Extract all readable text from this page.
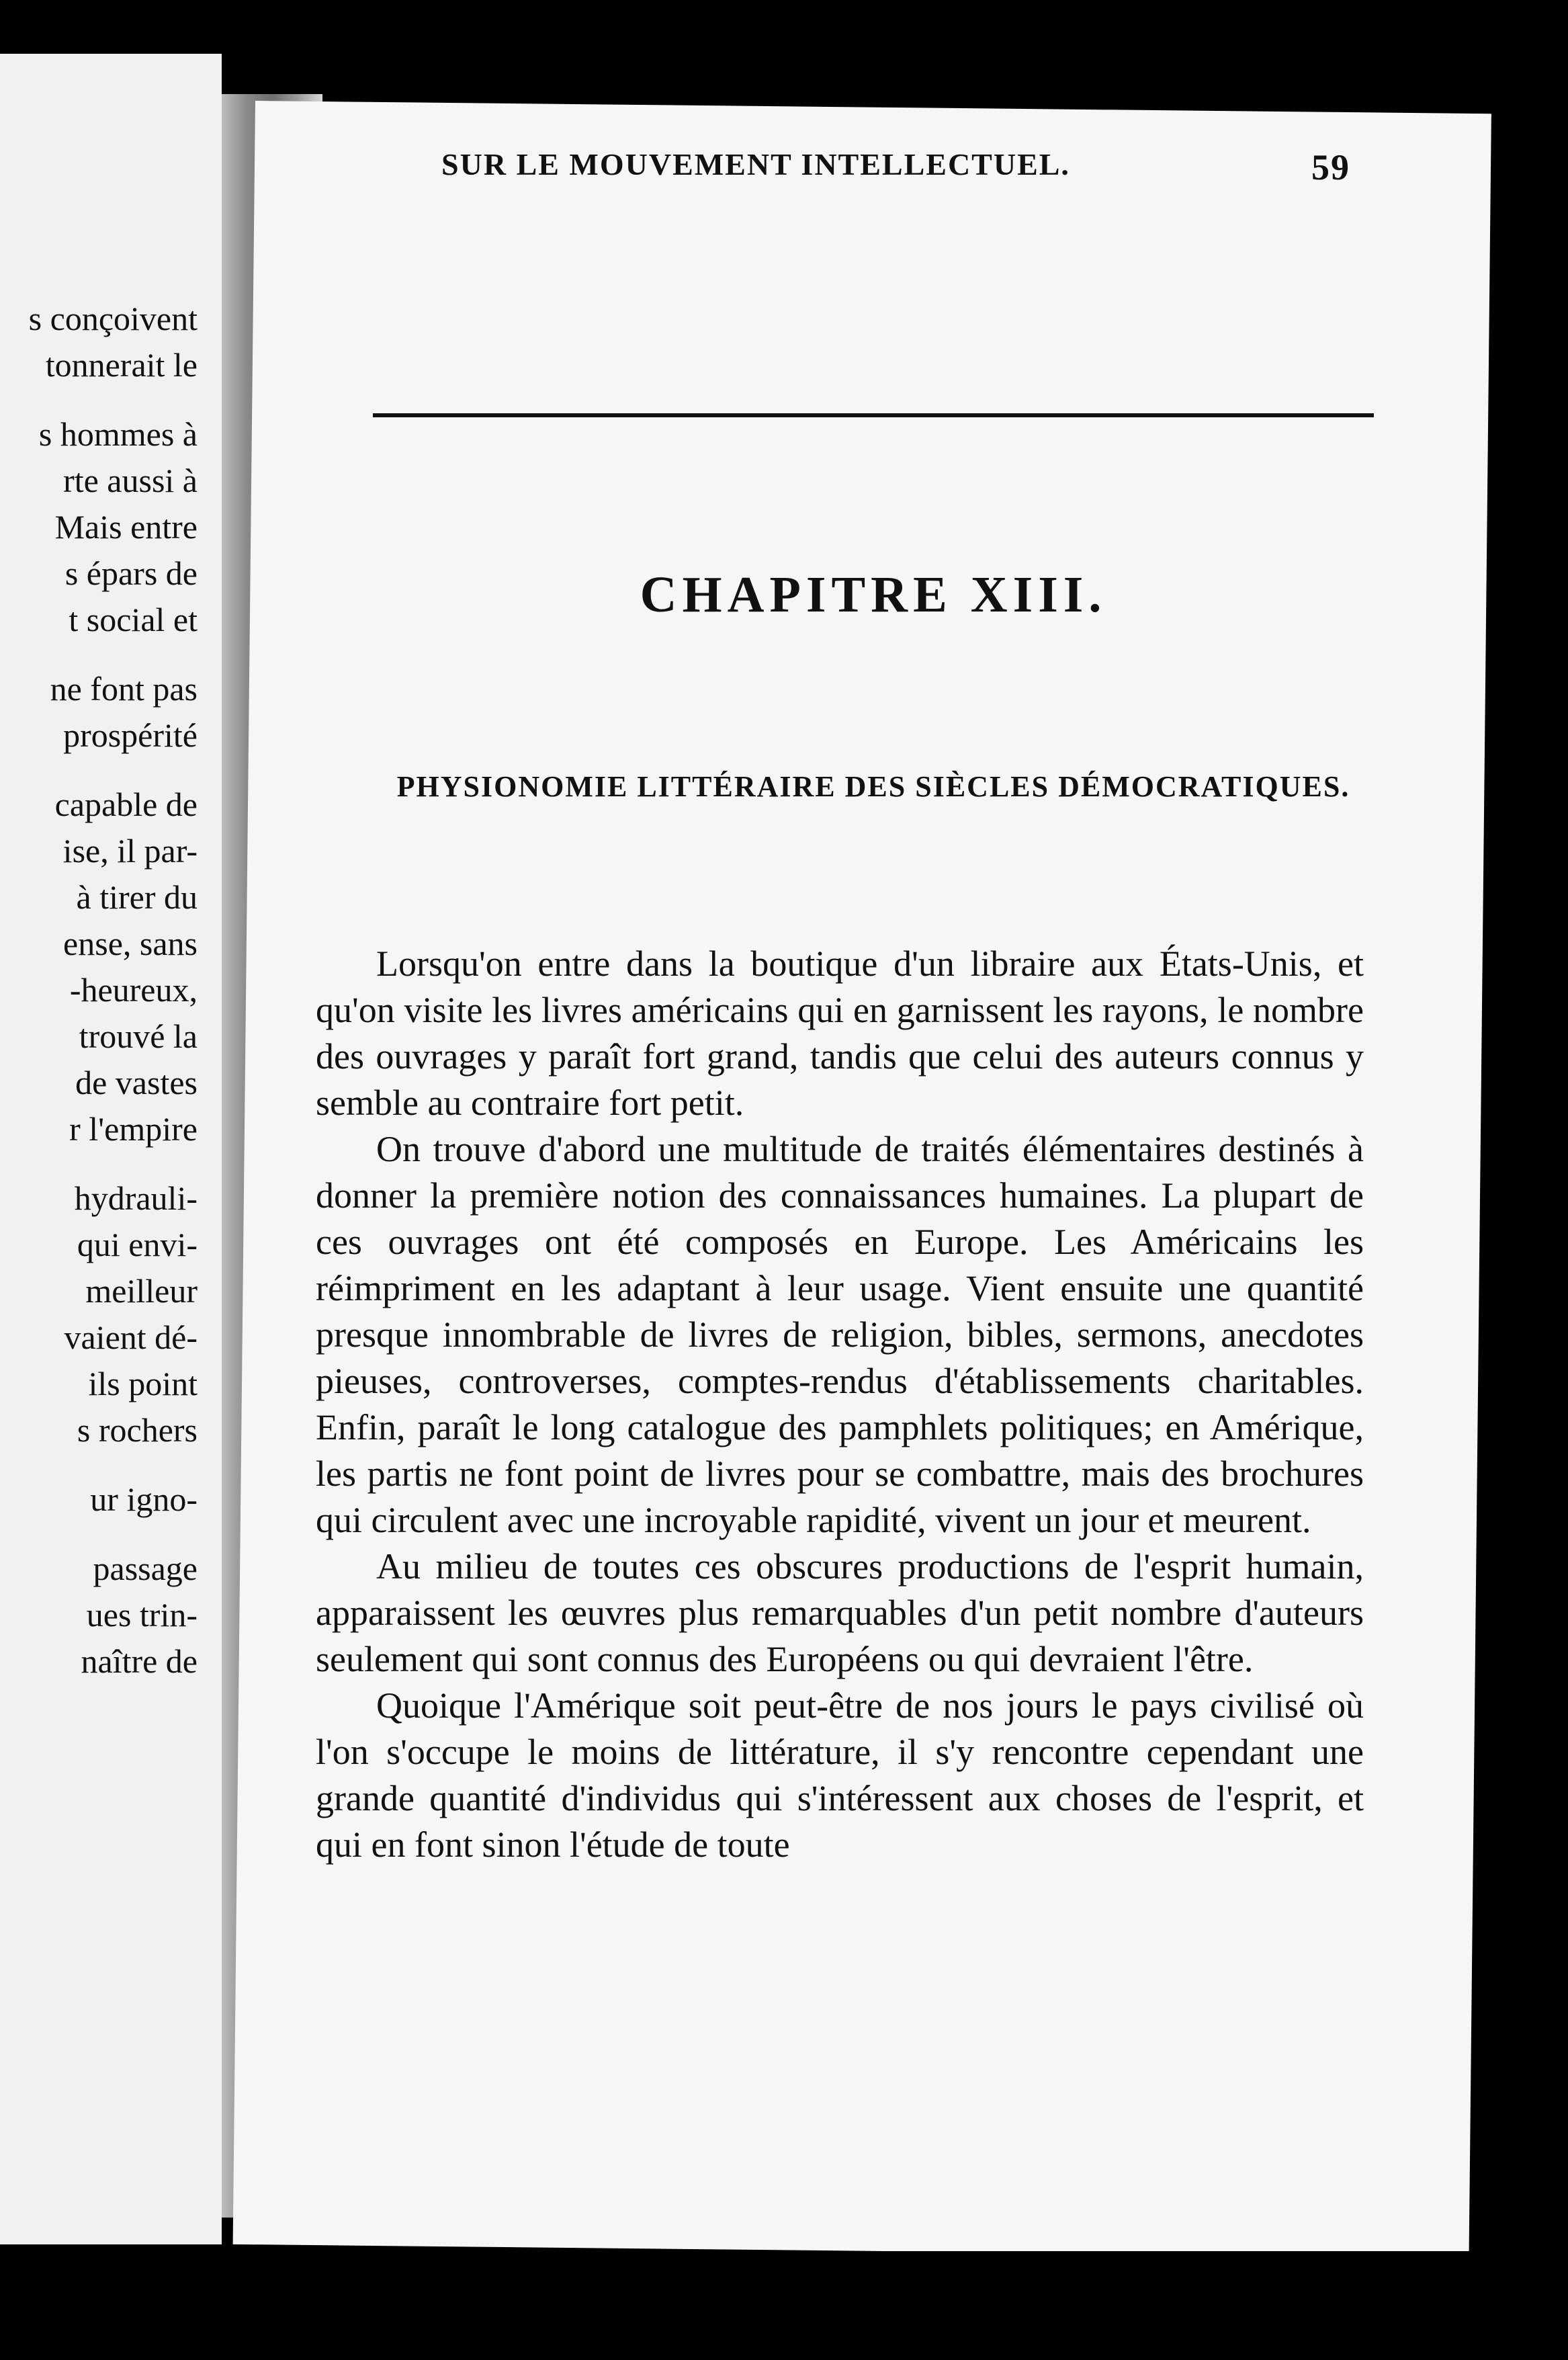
s conçoivent
tonnerait le
s hommes à
rte aussi à
Mais entre
s épars de
t social et
ne font pas
prospérité
capable de
ise, il par-
à tirer du
ense, sans
-heureux,
trouvé la
de vastes
r l'empire
hydrauli-
qui envi-
meilleur
vaient dé-
ils point
s rochers
ur igno-
passage
ues trin-
naître de
SUR LE MOUVEMENT INTELLECTUEL.	59
CHAPITRE XIII.
PHYSIONOMIE LITTÉRAIRE DES SIÈCLES DÉMOCRATIQUES.

Lorsqu'on entre dans la boutique d'un libraire aux États-Unis, et qu'on visite les livres américains qui en garnissent les rayons, le nombre des ouvrages y paraît fort grand, tandis que celui des auteurs connus y semble au contraire fort petit.

On trouve d'abord une multitude de traités élémentaires destinés à donner la première notion des connaissances humaines. La plupart de ces ouvrages ont été composés en Europe. Les Américains les réimpriment en les adaptant à leur usage. Vient ensuite une quantité presque innombrable de livres de religion, bibles, sermons, anecdotes pieuses, controverses, comptes-rendus d'établissements charitables. Enfin, paraît le long catalogue des pamphlets politiques; en Amérique, les partis ne font point de livres pour se combattre, mais des brochures qui circulent avec une incroyable rapidité, vivent un jour et meurent.

Au milieu de toutes ces obscures productions de l'esprit humain, apparaissent les œuvres plus remarquables d'un petit nombre d'auteurs seulement qui sont connus des Européens ou qui devraient l'être.

Quoique l'Amérique soit peut-être de nos jours le pays civilisé où l'on s'occupe le moins de littérature, il s'y rencontre cependant une grande quantité d'individus qui s'intéressent aux choses de l'esprit, et qui en font sinon l'étude de toute
